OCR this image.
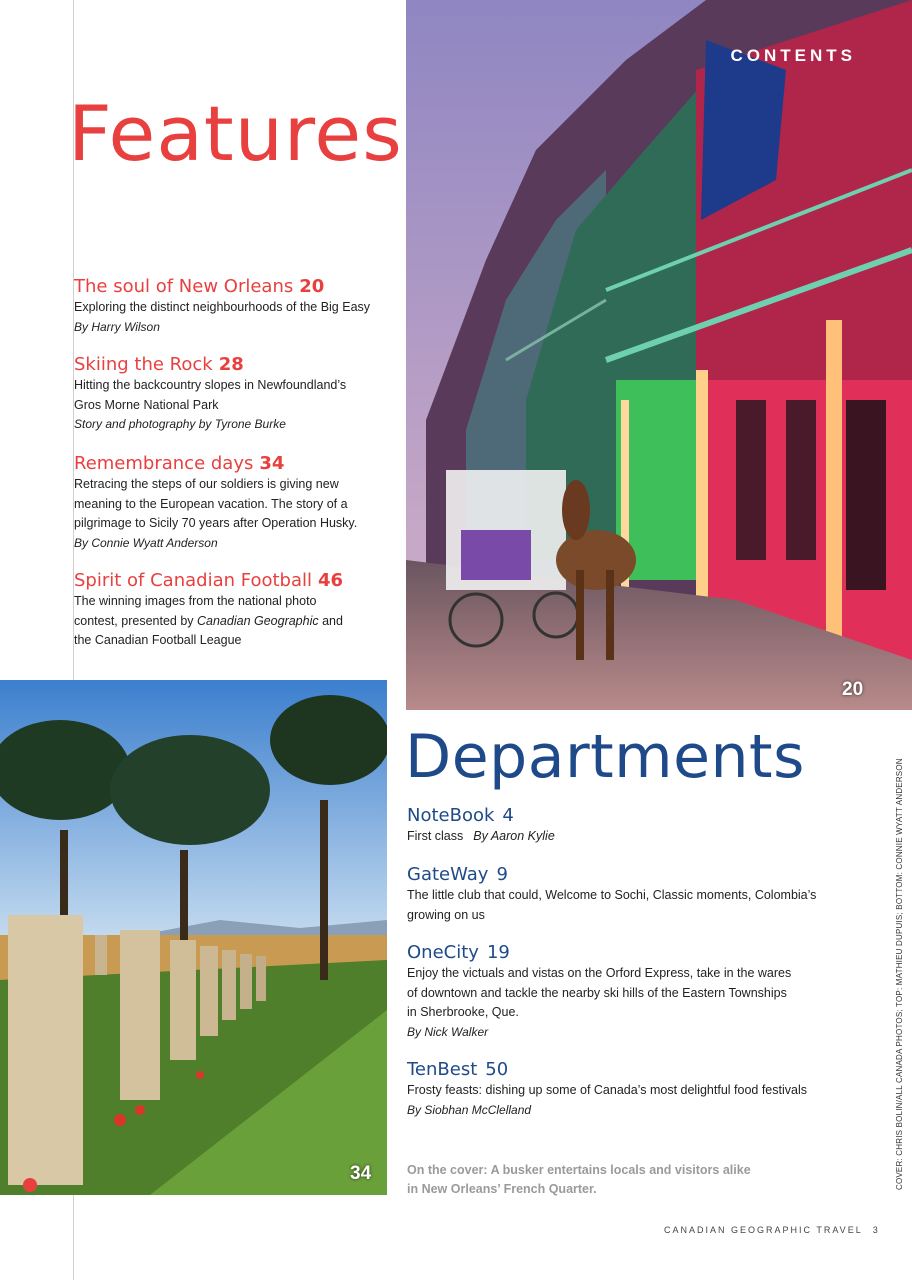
CONTENTS
20
Features
The soul of New Orleans 20
Exploring the distinct neighbourhoods of the Big Easy
By Harry Wilson
Skiing the Rock 28
Hitting the backcountry slopes in Newfoundland’s
Gros Morne National Park
Story and photography by Tyrone Burke
Remembrance days 34
Retracing the steps of our soldiers is giving new
meaning to the European vacation. The story of a
pilgrimage to Sicily 70 years after Operation Husky.
By Connie Wyatt Anderson
Spirit of Canadian Football 46
The winning images from the national photo
contest, presented by Canadian Geographic and
the Canadian Football League
34
Departments
NoteBook 4
First class By Aaron Kylie
GateWay 9
The little club that could, Welcome to Sochi, Classic moments, Colombia’s
growing on us
OneCity 19
Enjoy the victuals and vistas on the Orford Express, take in the wares
of downtown and tackle the nearby ski hills of the Eastern Townships
in Sherbrooke, Que.
By Nick Walker
TenBest 50
Frosty feasts: dishing up some of Canada’s most delightful food festivals
By Siobhan McClelland	COVER: CHRIS BOLIN/ALL CANADA PHOTOS; TOP: MATHIEU DUPUIS; BOTTOM: CONNIE WYATT ANDERSON
On the cover: A busker entertains locals and visitors alike
in New Orleans’ French Quarter.
CANADIAN GEOGRAPHIC TRAVEL 3
